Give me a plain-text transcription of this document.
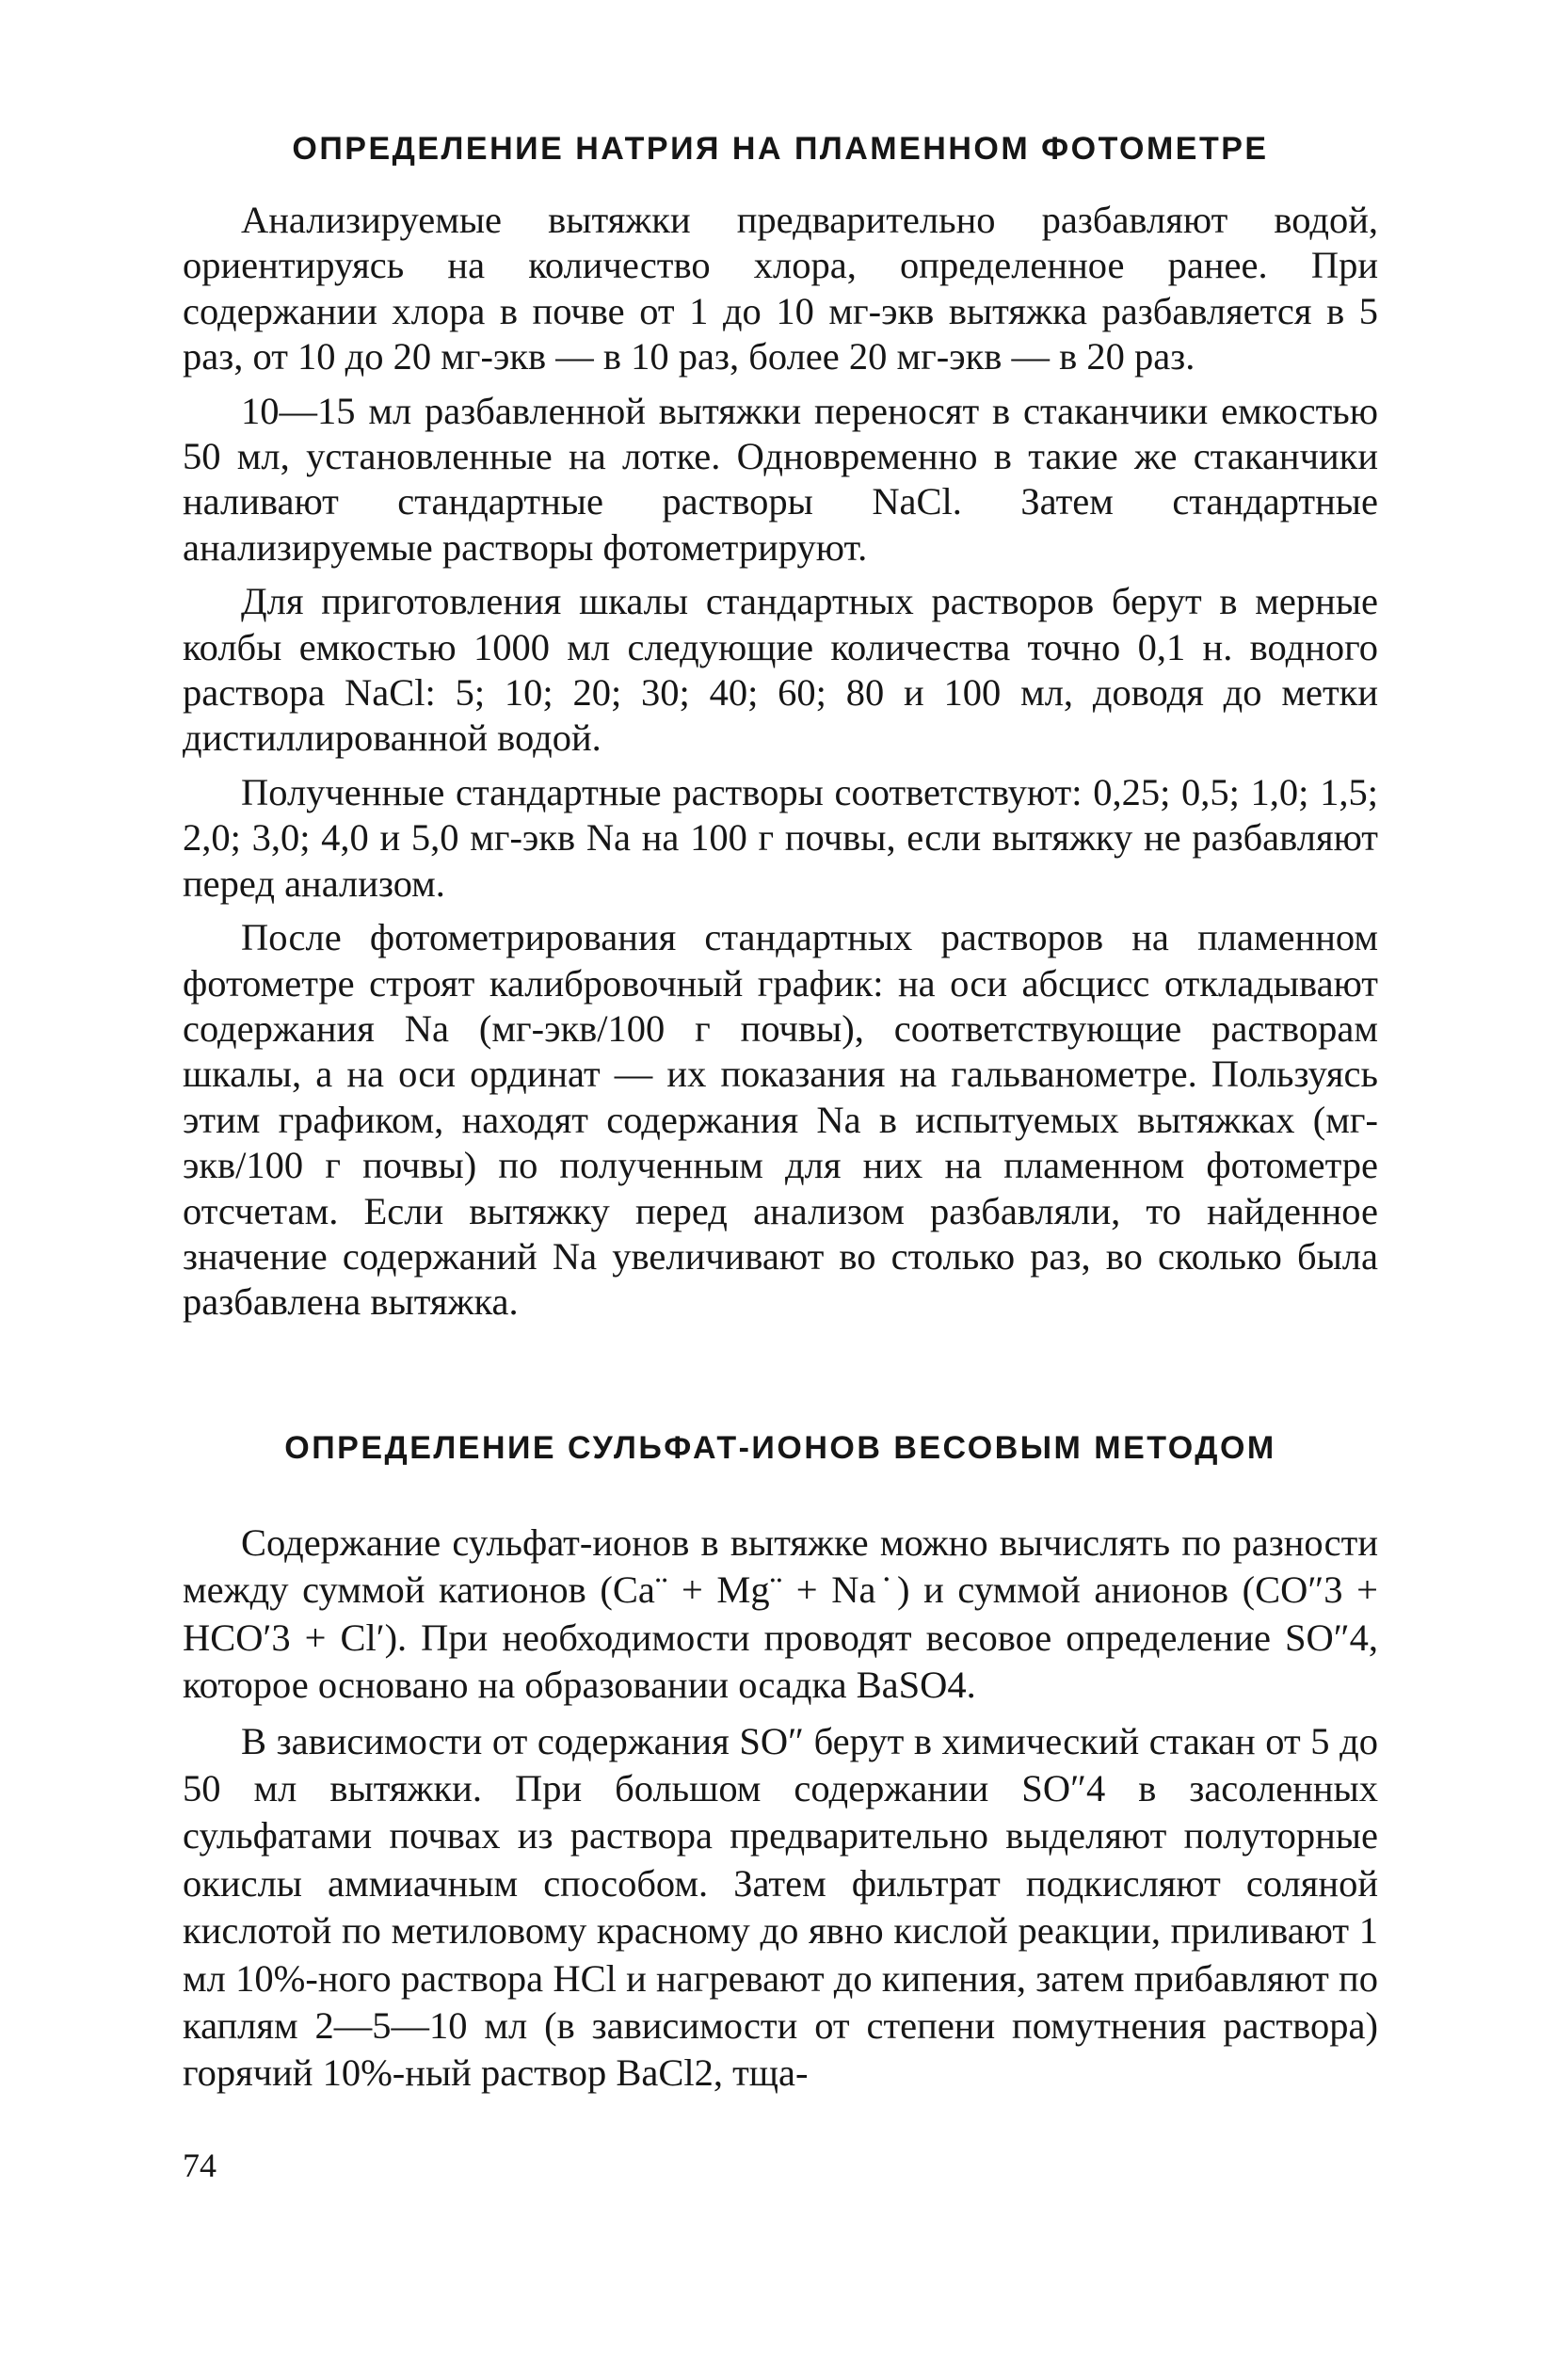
ОПРЕДЕЛЕНИЕ НАТРИЯ НА ПЛАМЕННОМ ФОТОМЕТРЕ

Анализируемые вытяжки предварительно разбавляют водой, ориентируясь на количество хлора, определенное ранее. При содержании хлора в почве от 1 до 10 мг-экв вытяжка разбавляется в 5 раз, от 10 до 20 мг-экв — в 10 раз, более 20 мг-экв — в 20 раз.

10—15 мл разбавленной вытяжки переносят в стаканчики емкостью 50 мл, установленные на лотке. Одновременно в такие же стаканчики наливают стандартные растворы NaCl. Затем стандартные анализируемые растворы фотометрируют.

Для приготовления шкалы стандартных растворов берут в мерные колбы емкостью 1000 мл следующие количества точно 0,1 н. водного раствора NaCl: 5; 10; 20; 30; 40; 60; 80 и 100 мл, доводя до метки дистиллированной водой.

Полученные стандартные растворы соответствуют: 0,25; 0,5; 1,0; 1,5; 2,0; 3,0; 4,0 и 5,0 мг-экв Na на 100 г почвы, если вытяжку не разбавляют перед анализом.

После фотометрирования стандартных растворов на пламенном фотометре строят калибровочный график: на оси абсцисс откладывают содержания Na (мг-экв/100 г почвы), соответствующие растворам шкалы, а на оси ординат — их показания на гальванометре. Пользуясь этим графиком, находят содержания Na в испытуемых вытяжках (мг-экв/100 г почвы) по полученным для них на пламенном фотометре отсчетам. Если вытяжку перед анализом разбавляли, то найденное значение содержаний Na увеличивают во столько раз, во сколько была разбавлена вытяжка.

ОПРЕДЕЛЕНИЕ СУЛЬФАТ-ИОНОВ ВЕСОВЫМ МЕТОДОМ

Содержание сульфат-ионов в вытяжке можно вычислять по разности между суммой катионов (Ca¨ + Mg¨ + Na˙) и суммой анионов (CO″3 + HCO′3 + Cl′). При необходимости проводят весовое определение SO″4, которое основано на образовании осадка BaSO4.

В зависимости от содержания SO″ берут в химический стакан от 5 до 50 мл вытяжки. При большом содержании SO″4 в засоленных сульфатами почвах из раствора предварительно выделяют полуторные окислы аммиачным способом. Затем фильтрат подкисляют соляной кислотой по метиловому красному до явно кислой реакции, приливают 1 мл 10%-ного раствора HCl и нагревают до кипения, затем прибавляют по каплям 2—5—10 мл (в зависимости от степени помутнения раствора) горячий 10%-ный раствор BaCl2, тща-

74
